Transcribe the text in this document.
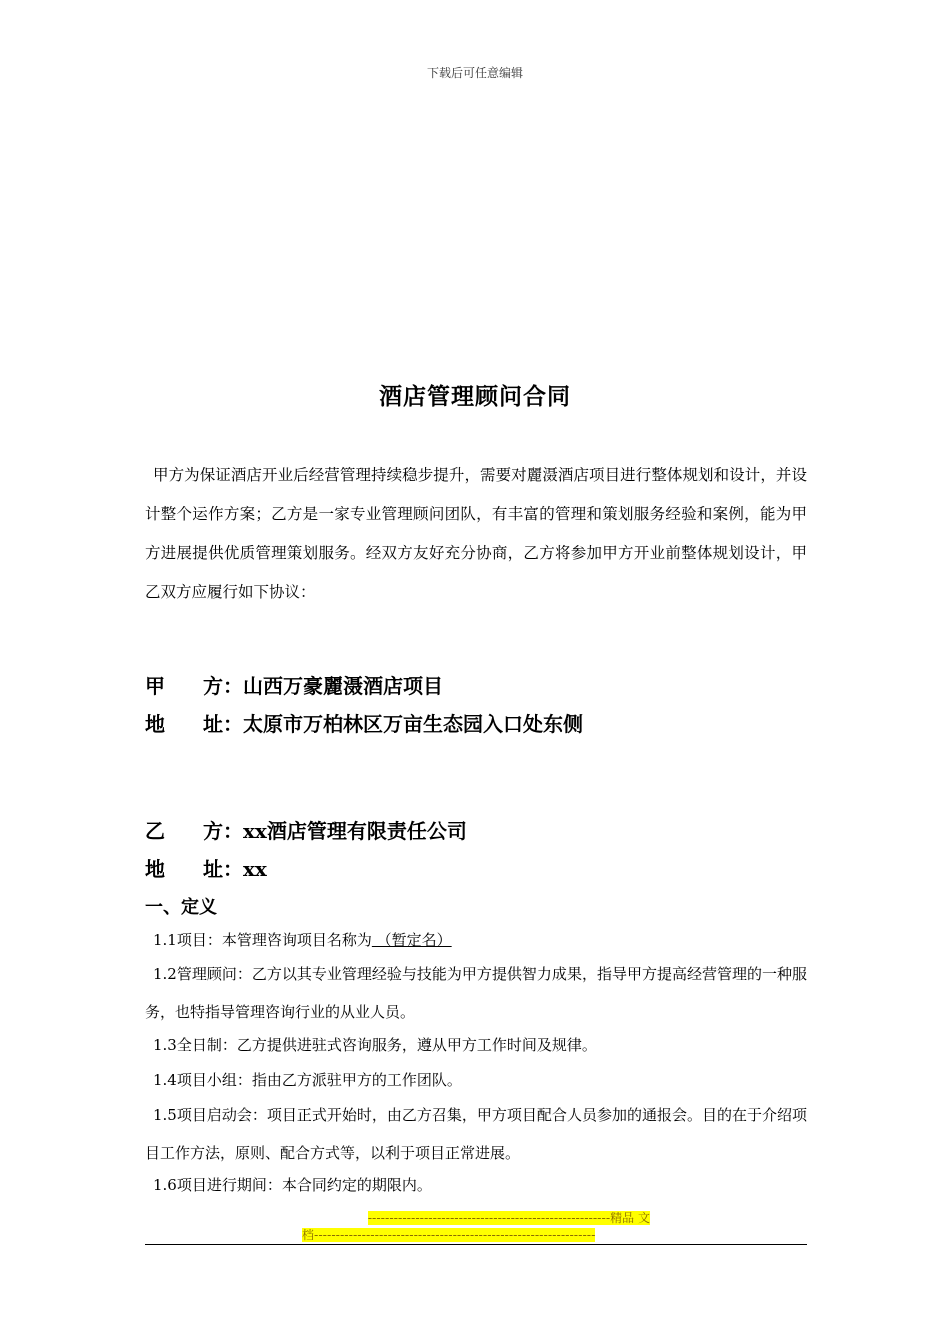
下载后可任意编辑
酒店管理顾问合同
甲方为保证酒店开业后经营管理持续稳步提升，需要对麗滠酒店项目进行整体规划和设计，并设计整个运作方案；乙方是一家专业管理顾问团队，有丰富的管理和策划服务经验和案例，能为甲方进展提供优质管理策划服务。经双方友好充分协商，乙方将参加甲方开业前整体规划设计，甲乙双方应履行如下协议：
甲 方： 山西万豪麗滠酒店项目
地 址： 太原市万柏林区万亩生态园入口处东侧
乙 方： xx酒店管理有限责任公司
地 址： xx
一、定义
1.1项目：本管理咨询项目名称为 （暂定名）
1.2管理顾问：乙方以其专业管理经验与技能为甲方提供智力成果，指导甲方提高经营管理的一种服务，也特指导管理咨询行业的从业人员。
1.3全日制：乙方提供进驻式咨询服务，遵从甲方工作时间及规律。
1.4项目小组：指由乙方派驻甲方的工作团队。
1.5项目启动会：项目正式开始时，由乙方召集，甲方项目配合人员参加的通报会。目的在于介绍项目工作方法，原则、配合方式等，以利于项目正常进展。
1.6项目进行期间：本合同约定的期限内。
--------------------------------------------------------精品 文
档-----------------------------------------------------------------
